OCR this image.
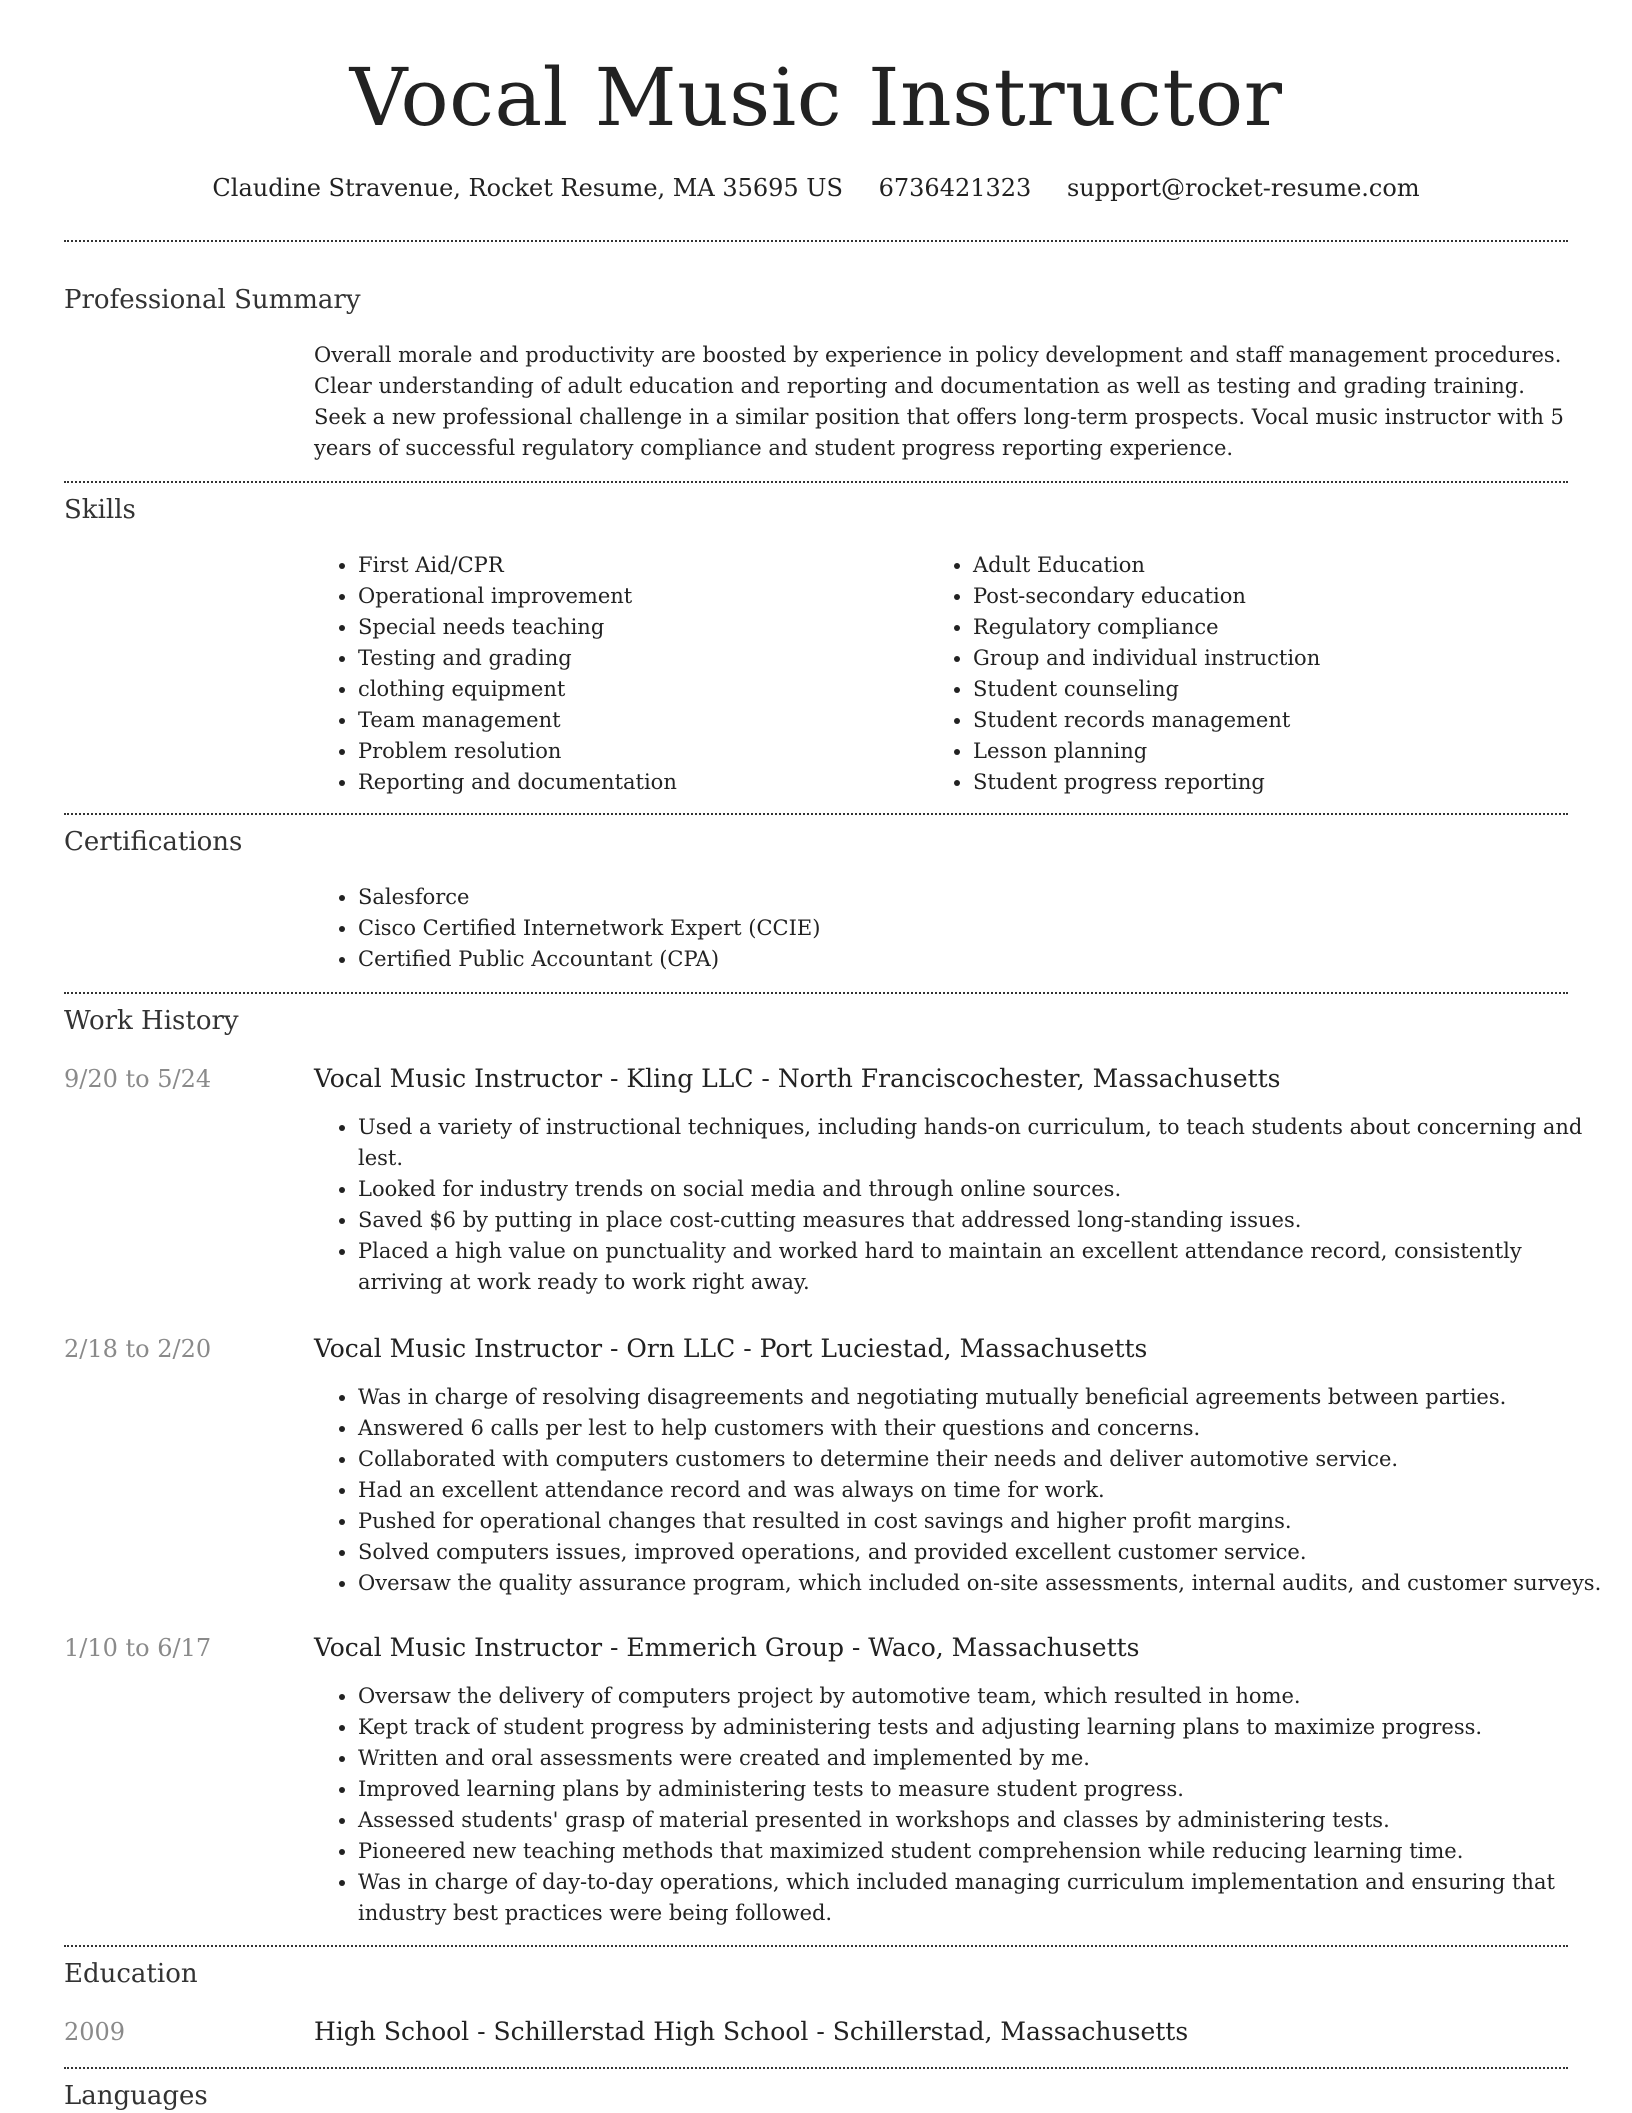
Vocal Music Instructor
Claudine Stravenue, Rocket Resume, MA 35695 US 6736421323 support@rocket-resume.com
Professional Summary

Overall morale and productivity are boosted by experience in policy development and staff management procedures. Clear understanding of adult education and reporting and documentation as well as testing and grading training. Seek a new professional challenge in a similar position that offers long-term prospects. Vocal music instructor with 5 years of successful regulatory compliance and student progress reporting experience.

Skills
• First Aid/CPR
• Operational improvement
• Special needs teaching
• Testing and grading
• clothing equipment
• Team management
• Problem resolution
• Reporting and documentation
• Adult Education
• Post-secondary education
• Regulatory compliance
• Group and individual instruction
• Student counseling
• Student records management
• Lesson planning
• Student progress reporting
Certifications
• Salesforce
• Cisco Certified Internetwork Expert (CCIE)
• Certified Public Accountant (CPA)
Work History
9/20 to 5/24	Vocal Music Instructor - Kling LLC - North Franciscochester, Massachusetts
• Used a variety of instructional techniques, including hands-on curriculum, to teach students about concerning and lest.
• Looked for industry trends on social media and through online sources.
• Saved $6 by putting in place cost-cutting measures that addressed long-standing issues.
• Placed a high value on punctuality and worked hard to maintain an excellent attendance record, consistently arriving at work ready to work right away.
2/18 to 2/20	Vocal Music Instructor - Orn LLC - Port Luciestad, Massachusetts
• Was in charge of resolving disagreements and negotiating mutually beneficial agreements between parties.
• Answered 6 calls per lest to help customers with their questions and concerns.
• Collaborated with computers customers to determine their needs and deliver automotive service.
• Had an excellent attendance record and was always on time for work.
• Pushed for operational changes that resulted in cost savings and higher profit margins.
• Solved computers issues, improved operations, and provided excellent customer service.
• Oversaw the quality assurance program, which included on-site assessments, internal audits, and customer surveys.
1/10 to 6/17	Vocal Music Instructor - Emmerich Group - Waco, Massachusetts
• Oversaw the delivery of computers project by automotive team, which resulted in home.
• Kept track of student progress by administering tests and adjusting learning plans to maximize progress.
• Written and oral assessments were created and implemented by me.
• Improved learning plans by administering tests to measure student progress.
• Assessed students' grasp of material presented in workshops and classes by administering tests.
• Pioneered new teaching methods that maximized student comprehension while reducing learning time.
• Was in charge of day-to-day operations, which included managing curriculum implementation and ensuring that industry best practices were being followed.
Education
2009	High School - Schillerstad High School - Schillerstad, Massachusetts
Languages
